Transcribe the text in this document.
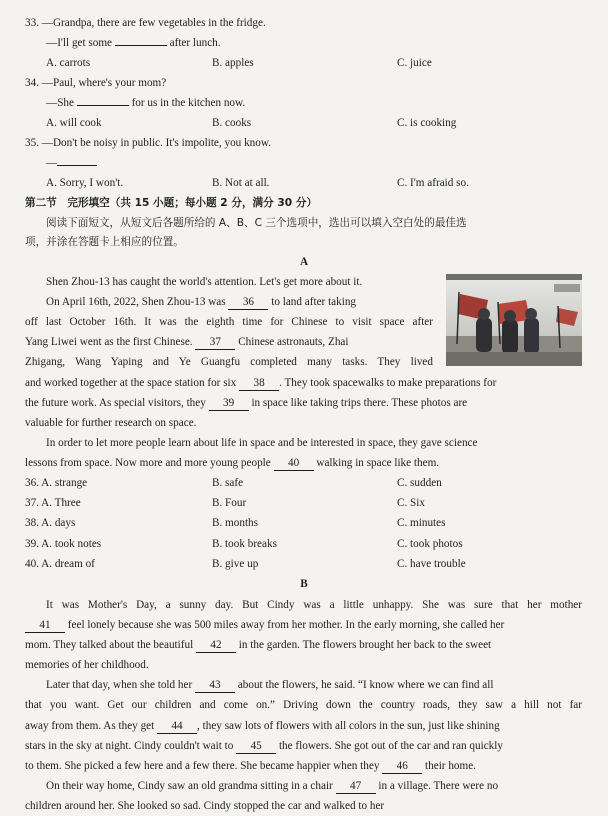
33. —Grandpa, there are few vegetables in the fridge.
—I'll get some	after lunch.
A. carrots	B. apples	C. juice
34. —Paul, where's your mom?
—She	for us in the kitchen now.
A. will cook	B. cooks	C. is cooking
35. —Don't be noisy in public. It's impolite, you know.
—
A. Sorry, I won't.	B. Not at all.	C. I'm afraid so.
第二节　完形填空（共 15 小题；每小题 2 分，满分 30 分）
阅读下面短文，从短文后各题所给的 A、B、C 三个选项中，选出可以填入空白处的最佳选
项，并涂在答题卡上相应的位置。
A
Shen Zhou-13 has caught the world's attention. Let's get more about it.
On April 16th, 2022, Shen Zhou-13 was 36 to land after taking
off last October 16th. It was the eighth time for Chinese to visit space after
Yang Liwei went as the first Chinese. 37 Chinese astronauts, Zhai
Zhigang, Wang Yaping and Ye Guangfu completed many tasks. They lived
and worked together at the space station for six 38 . They took spacewalks to make preparations for
the future work. As special visitors, they 39 in space like taking trips there. These photos are
valuable for further research on space.
In order to let more people learn about life in space and be interested in space, they gave science
lessons from space. Now more and more young people 40 walking in space like them.
36. A. strange	B. safe	C. sudden
37. A. Three	B. Four	C. Six
38. A. days	B. months	C. minutes
39. A. took notes	B. took breaks	C. took photos
40. A. dream of	B. give up	C. have trouble
B
It was Mother's Day, a sunny day. But Cindy was a little unhappy. She was sure that her mother
41 feel lonely because she was 500 miles away from her mother. In the early morning, she called her
mom. They talked about the beautiful 42 in the garden. The flowers brought her back to the sweet
memories of her childhood.
Later that day, when she told her 43 about the flowers, he said. “I know where we can find all
that you want. Get our children and come on.” Driving down the country roads, they saw a hill not far
away from them. As they get 44 , they saw lots of flowers with all colors in the sun, just like shining
stars in the sky at night. Cindy couldn't wait to 45 the flowers. She got out of the car and ran quickly
to them. She picked a few here and a few there. She became happier when they 46 their home.
On their way home, Cindy saw an old grandma sitting in a chair 47 in a village. There were no
children around her. She looked so sad. Cindy stopped the car and walked to her
